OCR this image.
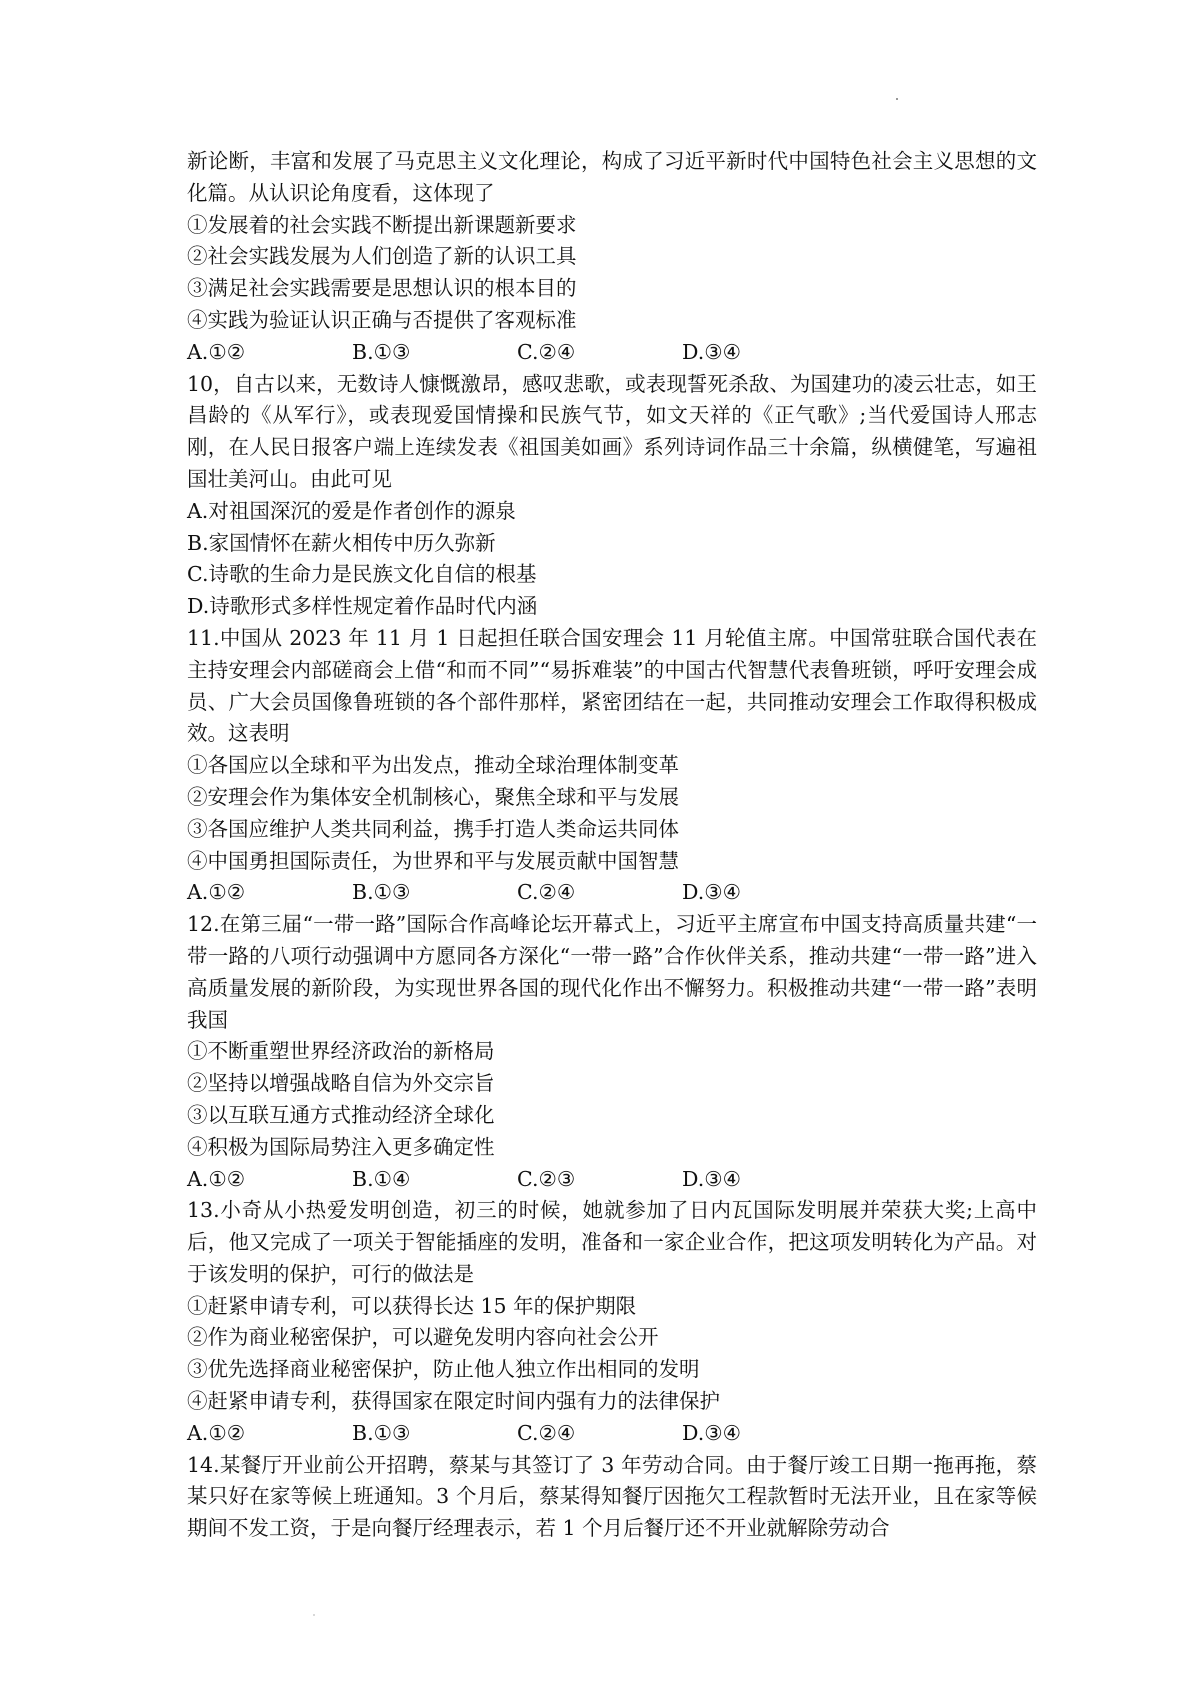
新论断，丰富和发展了马克思主义文化理论，构成了习近平新时代中国特色社会主义思想的文化篇。从认识论角度看，这体现了

①发展着的社会实践不断提出新课题新要求

②社会实践发展为人们创造了新的认识工具

③满足社会实践需要是思想认识的根本目的

④实践为验证认识正确与否提供了客观标准

A.①②	B.①③	C.②④	D.③④

10，自古以来，无数诗人慷慨激昂，感叹悲歌，或表现誓死杀敌、为国建功的凌云壮志，如王昌龄的《从军行》，或表现爱国情操和民族气节，如文天祥的《正气歌》;当代爱国诗人邢志刚，在人民日报客户端上连续发表《祖国美如画》系列诗词作品三十余篇，纵横健笔，写遍祖国壮美河山。由此可见

A.对祖国深沉的爱是作者创作的源泉

B.家国情怀在薪火相传中历久弥新

C.诗歌的生命力是民族文化自信的根基

D.诗歌形式多样性规定着作品时代内涵

11.中国从 2023 年 11 月 1 日起担任联合国安理会 11 月轮值主席。中国常驻联合国代表在主持安理会内部磋商会上借“和而不同”“易拆难装”的中国古代智慧代表鲁班锁，呼吁安理会成员、广大会员国像鲁班锁的各个部件那样，紧密团结在一起，共同推动安理会工作取得积极成效。这表明

①各国应以全球和平为出发点，推动全球治理体制变革

②安理会作为集体安全机制核心，聚焦全球和平与发展

③各国应维护人类共同利益，携手打造人类命运共同体

④中国勇担国际责任，为世界和平与发展贡献中国智慧

A.①②	B.①③	C.②④	D.③④

12.在第三届“一带一路”国际合作高峰论坛开幕式上，习近平主席宣布中国支持高质量共建“一带一路的八项行动强调中方愿同各方深化“一带一路”合作伙伴关系，推动共建“一带一路”进入高质量发展的新阶段，为实现世界各国的现代化作出不懈努力。积极推动共建“一带一路”表明我国

①不断重塑世界经济政治的新格局

②坚持以增强战略自信为外交宗旨

③以互联互通方式推动经济全球化

④积极为国际局势注入更多确定性

A.①②	B.①④	C.②③	D.③④

13.小奇从小热爱发明创造，初三的时候，她就参加了日内瓦国际发明展并荣获大奖;上高中后，他又完成了一项关于智能插座的发明，准备和一家企业合作，把这项发明转化为产品。对于该发明的保护，可行的做法是

①赶紧申请专利，可以获得长达 15 年的保护期限

②作为商业秘密保护，可以避免发明内容向社会公开

③优先选择商业秘密保护，防止他人独立作出相同的发明

④赶紧申请专利，获得国家在限定时间内强有力的法律保护

A.①②	B.①③	C.②④	D.③④

14.某餐厅开业前公开招聘，蔡某与其签订了 3 年劳动合同。由于餐厅竣工日期一拖再拖，蔡某只好在家等候上班通知。3 个月后，蔡某得知餐厅因拖欠工程款暂时无法开业，且在家等候期间不发工资，于是向餐厅经理表示，若 1 个月后餐厅还不开业就解除劳动合
